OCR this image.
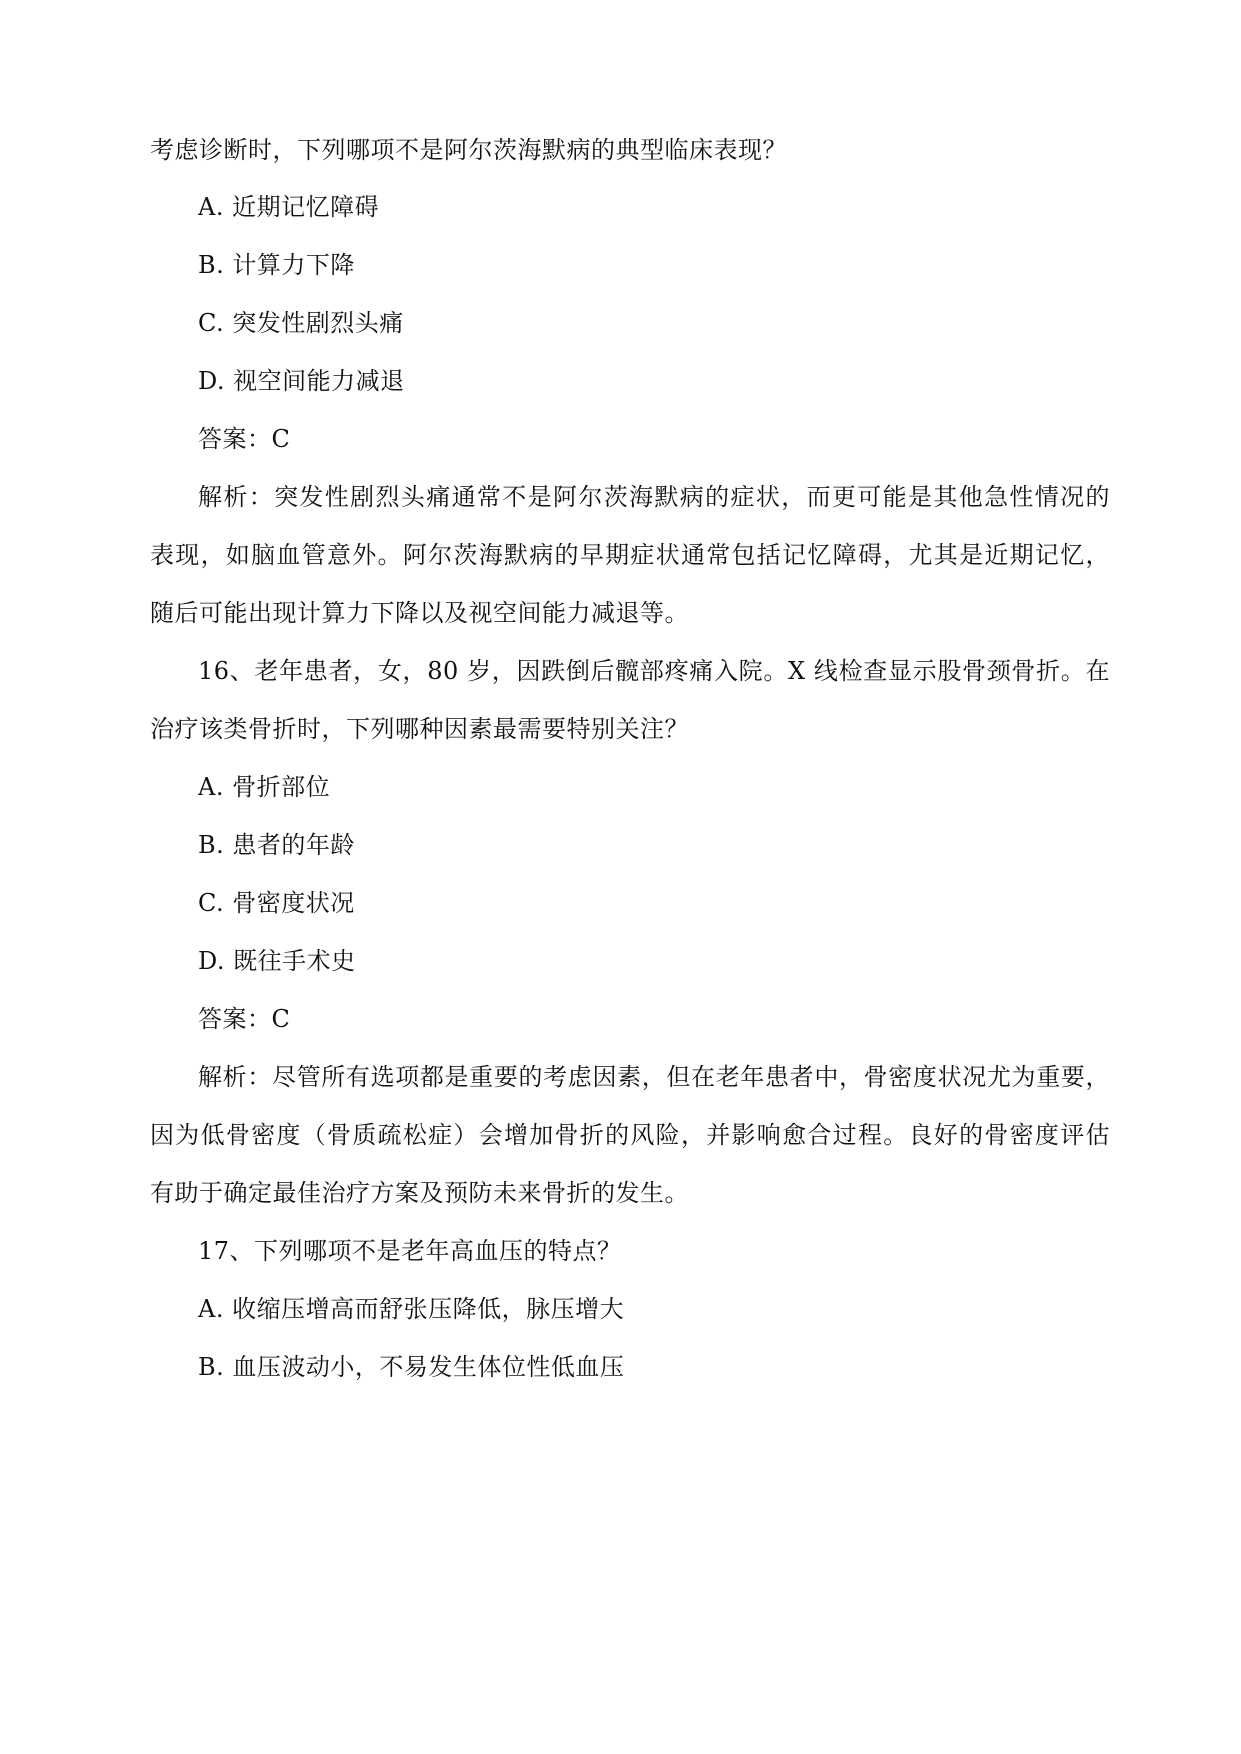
考虑诊断时，下列哪项不是阿尔茨海默病的典型临床表现？
A. 近期记忆障碍
B. 计算力下降
C. 突发性剧烈头痛
D. 视空间能力减退
答案：C
解析：突发性剧烈头痛通常不是阿尔茨海默病的症状，而更可能是其他急性情况的
表现，如脑血管意外。阿尔茨海默病的早期症状通常包括记忆障碍，尤其是近期记忆，
随后可能出现计算力下降以及视空间能力减退等。
16、老年患者，女，80 岁，因跌倒后髋部疼痛入院。X 线检查显示股骨颈骨折。在
治疗该类骨折时，下列哪种因素最需要特别关注？
A. 骨折部位
B. 患者的年龄
C. 骨密度状况
D. 既往手术史
答案：C
解析：尽管所有选项都是重要的考虑因素，但在老年患者中，骨密度状况尤为重要，
因为低骨密度（骨质疏松症）会增加骨折的风险，并影响愈合过程。良好的骨密度评估
有助于确定最佳治疗方案及预防未来骨折的发生。
17、下列哪项不是老年高血压的特点？
A. 收缩压增高而舒张压降低，脉压增大
B. 血压波动小，不易发生体位性低血压
